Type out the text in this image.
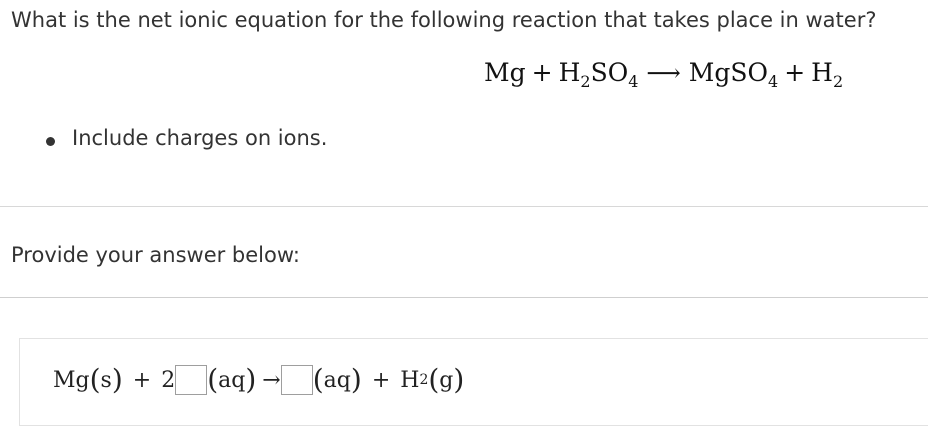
What is the net ionic equation for the following reaction that takes place in water?
$Mg + H_2SO_4$ ⟶ MgSO$_4$ + $H_2$
Include charges on ions.
Provide your answer below:
Mg ( s ) + 2 ( aq ) → ( aq ) + H 2 ( g )
